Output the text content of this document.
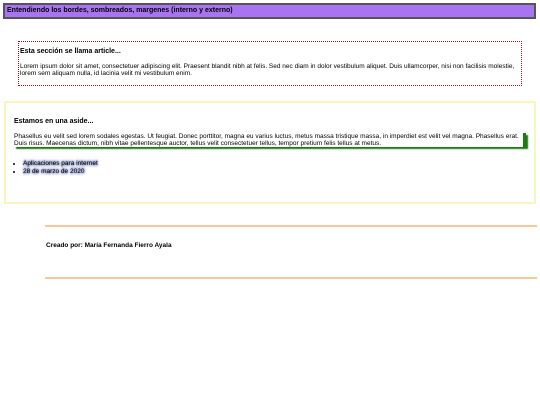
Entendiendo los bordes, sombreados, margenes (interno y externo)
Esta sección se llama article...

Lorem ipsum dolor sit amet, consectetuer adipiscing elit. Praesent blandit nibh at felis. Sed nec diam in dolor vestibulum aliquet. Duis ullamcorper, nisi non facilisis molestie, lorem sem aliquam nulla, id lacinia velit mi vestibulum enim.

Estamos en una aside...

Phasellus eu velit sed lorem sodales egestas. Ut feugiat. Donec porttitor, magna eu varius luctus, metus massa tristique massa, in imperdiet est velit vel magna. Phasellus erat. Duis risus. Maecenas dictum, nibh vitae pellentesque auctor, tellus velit consectetuer tellus, tempor pretium felis tellus at metus.

• Aplicaciones para internet
• 28 de marzo de 2020
Creado por: María Fernanda Fierro Ayala
